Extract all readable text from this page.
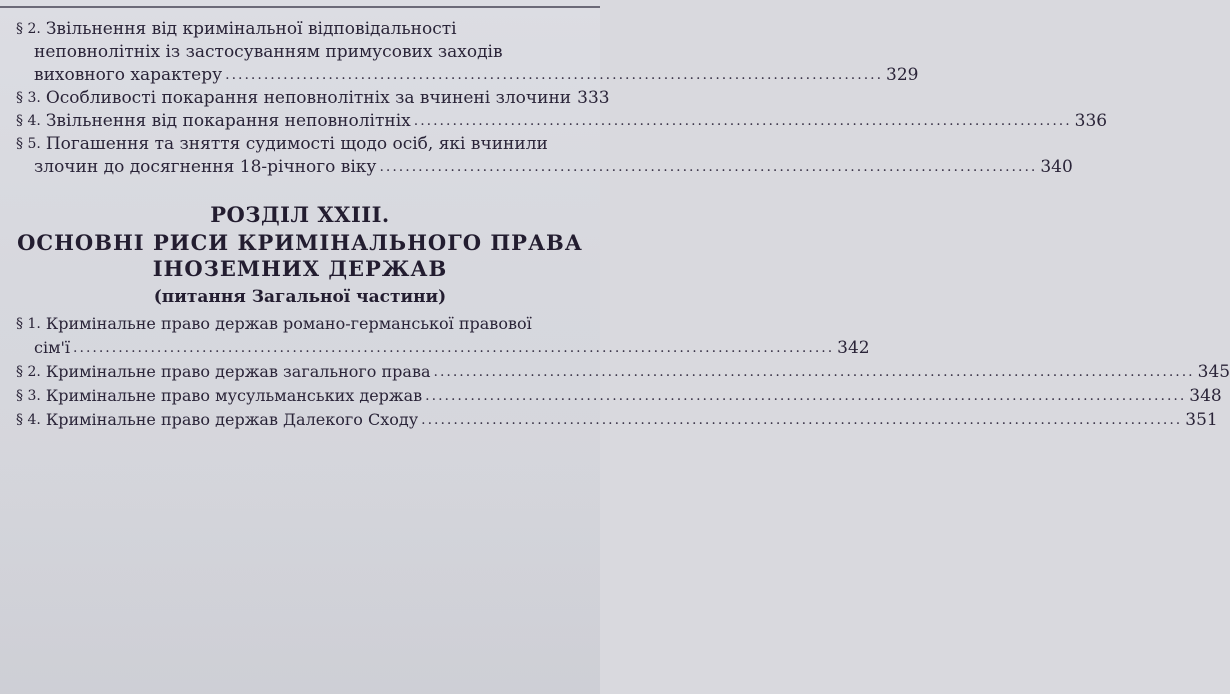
§ 2. Звільнення від кримінальної відповідальності
неповнолітніх із застосуванням примусових заходів
виховного характеру ...................................................................................................... 329
§ 3. Особливості покарання неповнолітніх за вчинені злочини 333
§ 4. Звільнення від покарання неповнолітніх ...................................................................................................... 336
§ 5. Погашення та зняття судимості щодо осіб, які вчинили
злочин до досягнення 18-річного віку ...................................................................................................... 340
РОЗДІЛ XXIII.
ОСНОВНІ РИСИ КРИМІНАЛЬНОГО ПРАВА
ІНОЗЕМНИХ ДЕРЖАВ
(питання Загальної частини)
§ 1. Кримінальне право держав романо-германської правової
сім'ї ...................................................................................................................... 342
§ 2. Кримінальне право держав загального права ...................................................................................................................... 345
§ 3. Кримінальне право мусульманських держав ...................................................................................................................... 348
§ 4. Кримінальне право держав Далекого Сходу ...................................................................................................................... 351
